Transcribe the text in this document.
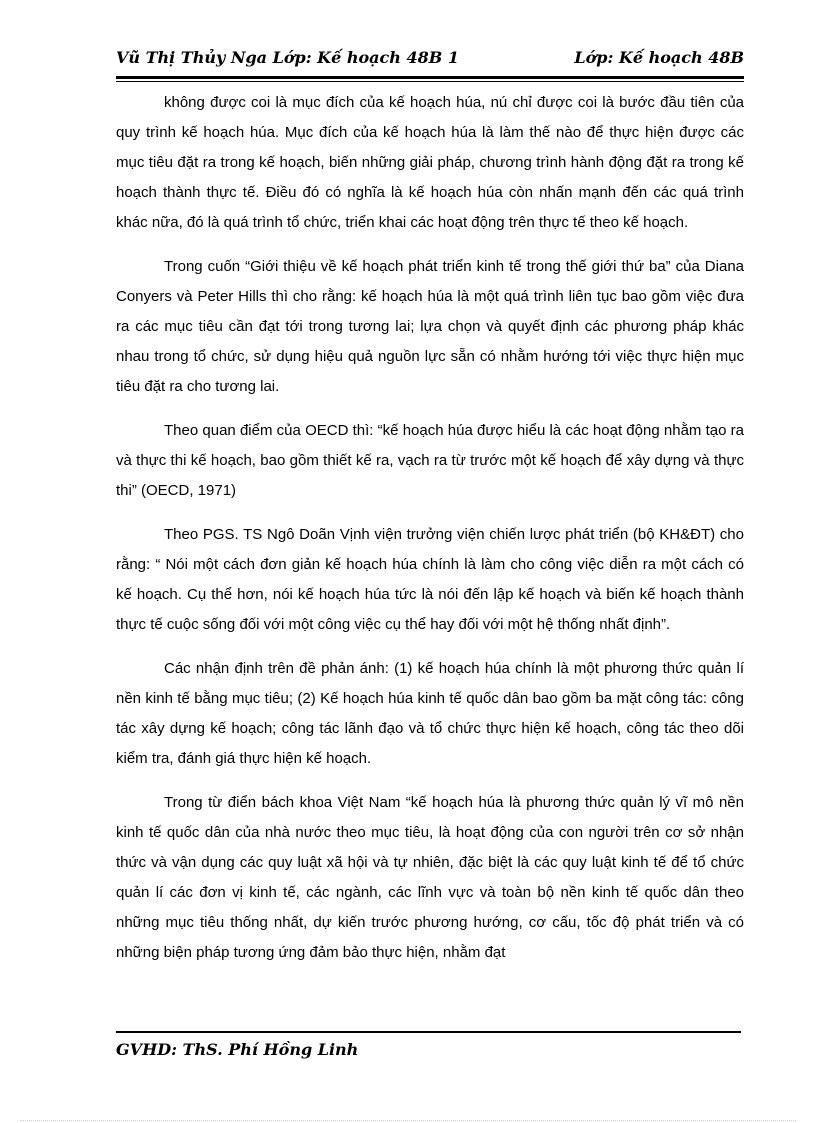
Vũ Thị Thủy Nga Lớp: Kế hoạch 48B 1	Lớp: Kế hoạch 48B

không được coi là mục đích của kế hoạch húa, nú chỉ được coi là bước đầu tiên của quy trình kế hoạch húa. Mục đích của kế hoạch húa là làm thế nào để thực hiện được các mục tiêu đặt ra trong kế hoạch, biến những giải pháp, chương trình hành động đặt ra trong kế hoạch thành thực tế. Điều đó có nghĩa là kế hoạch húa còn nhấn mạnh đến các quá trình khác nữa, đó là quá trình tổ chức, triển khai các hoạt động trên thực tế theo kế hoạch.

Trong cuốn “Giới thiệu về kế hoạch phát triển kinh tế trong thế giới thứ ba” của Diana Conyers và Peter Hills thì cho rằng: kế hoạch húa là một quá trình liên tục bao gồm việc đưa ra các mục tiêu cần đạt tới trong tương lai; lựa chọn và quyết định các phương pháp khác nhau trong tổ chức, sử dụng hiệu quả nguồn lực sẵn có nhằm hướng tới việc thực hiện mục tiêu đặt ra cho tương lai.

Theo quan điểm của OECD thì: “kế hoạch húa được hiểu là các hoạt động nhằm tạo ra và thực thi kế hoạch, bao gồm thiết kế ra, vạch ra từ trước một kế hoạch để xây dựng và thực thi” (OECD, 1971)

Theo PGS. TS Ngô Doãn Vịnh viện trưởng viện chiến lược phát triển (bộ KH&ĐT) cho rằng: “ Nói một cách đơn giản kế hoạch húa chính là làm cho công việc diễn ra một cách có kế hoạch. Cụ thể hơn, nói kế hoạch húa tức là nói đến lập kế hoạch và biến kế hoạch thành thực tế cuộc sống đối với một công việc cụ thể hay đối với một hệ thống nhất định”.

Các nhận định trên đề phản ánh: (1) kế hoạch húa chính là một phương thức quản lí nền kinh tế bằng mục tiêu; (2) Kế hoạch húa kinh tế quốc dân bao gồm ba mặt công tác: công tác xây dựng kế hoạch; công tác lãnh đạo và tổ chức thực hiện kế hoạch, công tác theo dõi kiểm tra, đánh giá thực hiện kế hoạch.

Trong từ điển bách khoa Việt Nam “kế hoạch húa là phương thức quản lý vĩ mô nền kinh tế quốc dân của nhà nước theo mục tiêu, là hoạt động của con người trên cơ sở nhận thức và vận dụng các quy luật xã hội và tự nhiên, đặc biệt là các quy luật kinh tế để tổ chức quản lí các đơn vị kinh tế, các ngành, các lĩnh vực và toàn bộ nền kinh tế quốc dân theo những mục tiêu thống nhất, dự kiến trước phương hướng, cơ cấu, tốc độ phát triển và có những biện pháp tương ứng đảm bảo thực hiện, nhằm đạt

GVHD: ThS. Phí Hồng Linh
